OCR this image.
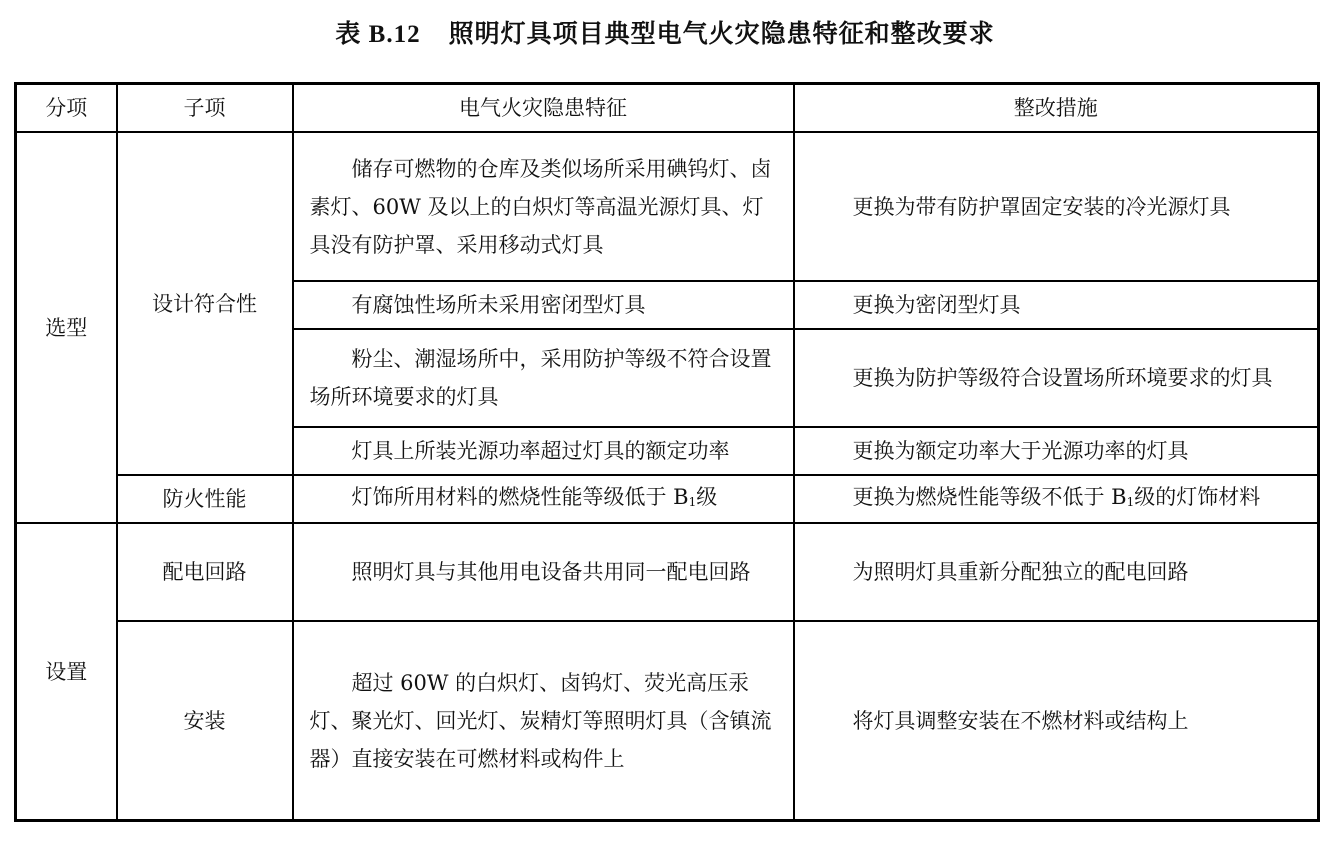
表 B.12 照明灯具项目典型电气火灾隐患特征和整改要求
分项	子项	电气火灾隐患特征	整改措施
选型	设计符合性	储存可燃物的仓库及类似场所采用碘钨灯、卤素灯、60W 及以上的白炽灯等高温光源灯具、灯具没有防护罩、采用移动式灯具	更换为带有防护罩固定安装的冷光源灯具
		有腐蚀性场所未采用密闭型灯具	更换为密闭型灯具
		粉尘、潮湿场所中，采用防护等级不符合设置场所环境要求的灯具	更换为防护等级符合设置场所环境要求的灯具
		灯具上所装光源功率超过灯具的额定功率	更换为额定功率大于光源功率的灯具
	防火性能	灯饰所用材料的燃烧性能等级低于 $B_1$级	更换为燃烧性能等级不低于 $B_1$级的灯饰材料
设置	配电回路	照明灯具与其他用电设备共用同一配电回路	为照明灯具重新分配独立的配电回路
	安装	超过 60W 的白炽灯、卤钨灯、荧光高压汞灯、聚光灯、回光灯、炭精灯等照明灯具（含镇流器）直接安装在可燃材料或构件上	将灯具调整安装在不燃材料或结构上
